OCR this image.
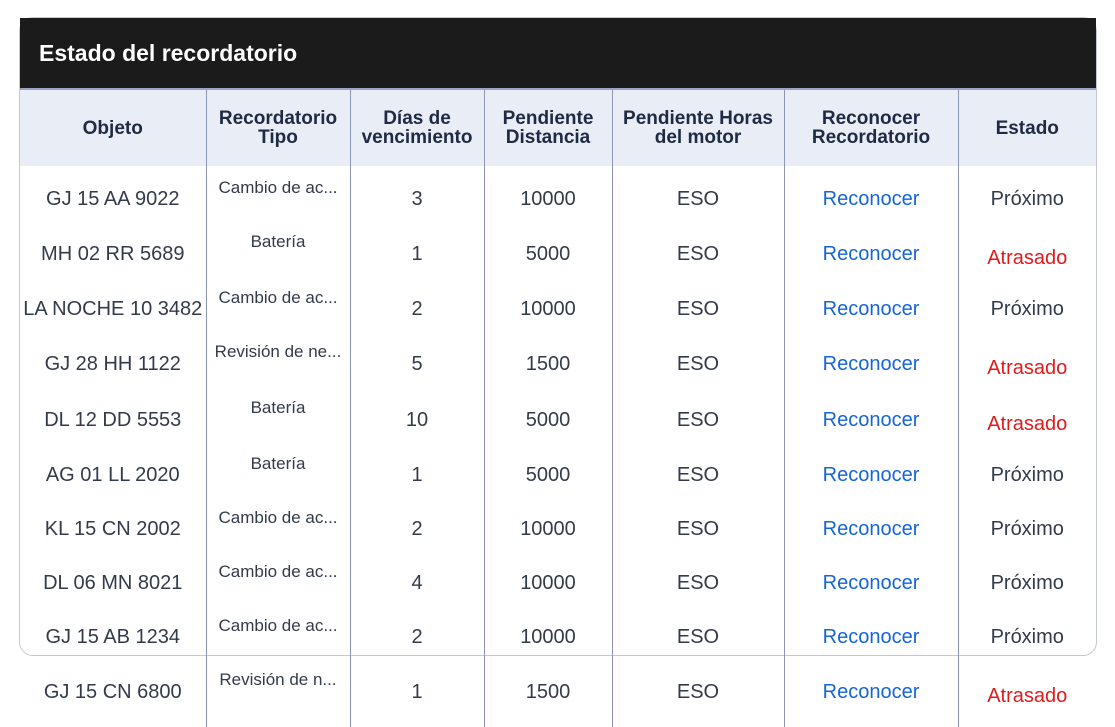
Estado del recordatorio
Objeto	Recordatorio Tipo	Días de vencimiento	Pendiente Distancia	Pendiente Horas del motor	Reconocer Recordatorio	Estado
GJ 15 AA 9022	Cambio de ac...	3	10000	ESO	Reconocer	Próximo
MH 02 RR 5689	Batería	1	5000	ESO	Reconocer	Atrasado
LA NOCHE 10 3482	Cambio de ac...	2	10000	ESO	Reconocer	Próximo
GJ 28 HH 1122	Revisión de ne...	5	1500	ESO	Reconocer	Atrasado
DL 12 DD 5553	Batería	10	5000	ESO	Reconocer	Atrasado
AG 01 LL 2020	Batería	1	5000	ESO	Reconocer	Próximo
KL 15 CN 2002	Cambio de ac...	2	10000	ESO	Reconocer	Próximo
DL 06 MN 8021	Cambio de ac...	4	10000	ESO	Reconocer	Próximo
GJ 15 AB 1234	Cambio de ac...	2	10000	ESO	Reconocer	Próximo
GJ 15 CN 6800	Revisión de n...	1	1500	ESO	Reconocer	Atrasado
